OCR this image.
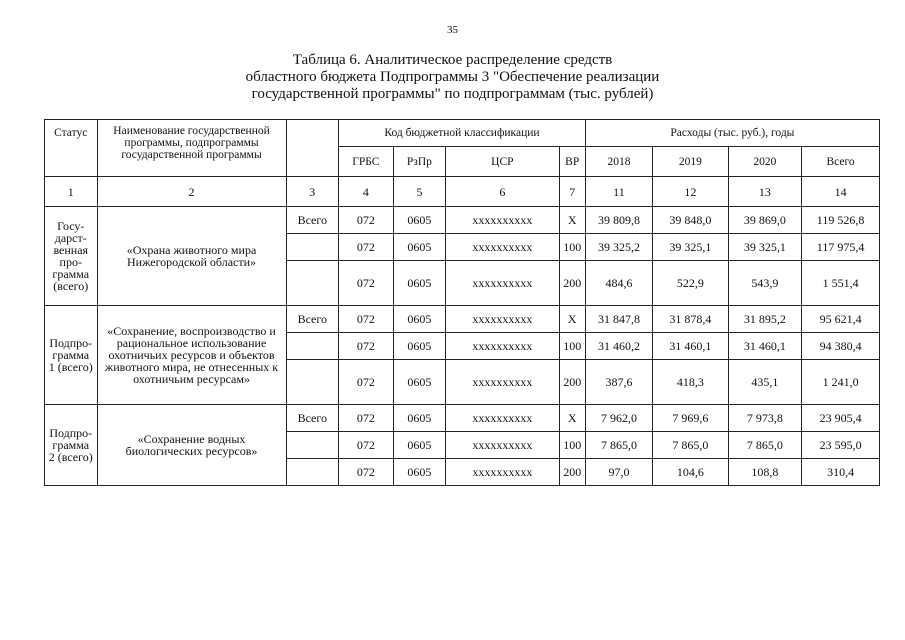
35
Таблица 6. Аналитическое распределение средств
областного бюджета Подпрограммы 3 "Обеспечение реализации
государственной программы" по подпрограммам (тыс. рублей)
Статус	Наименование государственной программы, подпрограммы государственной программы		Код бюджетной классификации				Расходы (тыс. руб.), годы			
			ГРБС	РзПр	ЦСР	ВР	2018	2019	2020	Всего
1	2	3	4	5	6	7	11	12	13	14
Госу-дарст-венная про-грамма (всего)	«Охрана животного мира Нижегородской области»	Всего	072	0605	xxxxxxxxxx	X	39 809,8	39 848,0	39 869,0	119 526,8
			072	0605	xxxxxxxxxx	100	39 325,2	39 325,1	39 325,1	117 975,4
			072	0605	xxxxxxxxxx	200	484,6	522,9	543,9	1 551,4
Подпро-грамма 1 (всего)	«Сохранение, воспроизводство и рациональное использование охотничьих ресурсов и объектов животного мира, не отнесенных к охотничьим ресурсам»	Всего	072	0605	xxxxxxxxxx	X	31 847,8	31 878,4	31 895,2	95 621,4
			072	0605	xxxxxxxxxx	100	31 460,2	31 460,1	31 460,1	94 380,4
			072	0605	xxxxxxxxxx	200	387,6	418,3	435,1	1 241,0
Подпро-грамма 2 (всего)	«Сохранение водных биологических ресурсов»	Всего	072	0605	xxxxxxxxxx	X	7 962,0	7 969,6	7 973,8	23 905,4
			072	0605	xxxxxxxxxx	100	7 865,0	7 865,0	7 865,0	23 595,0
			072	0605	xxxxxxxxxx	200	97,0	104,6	108,8	310,4
